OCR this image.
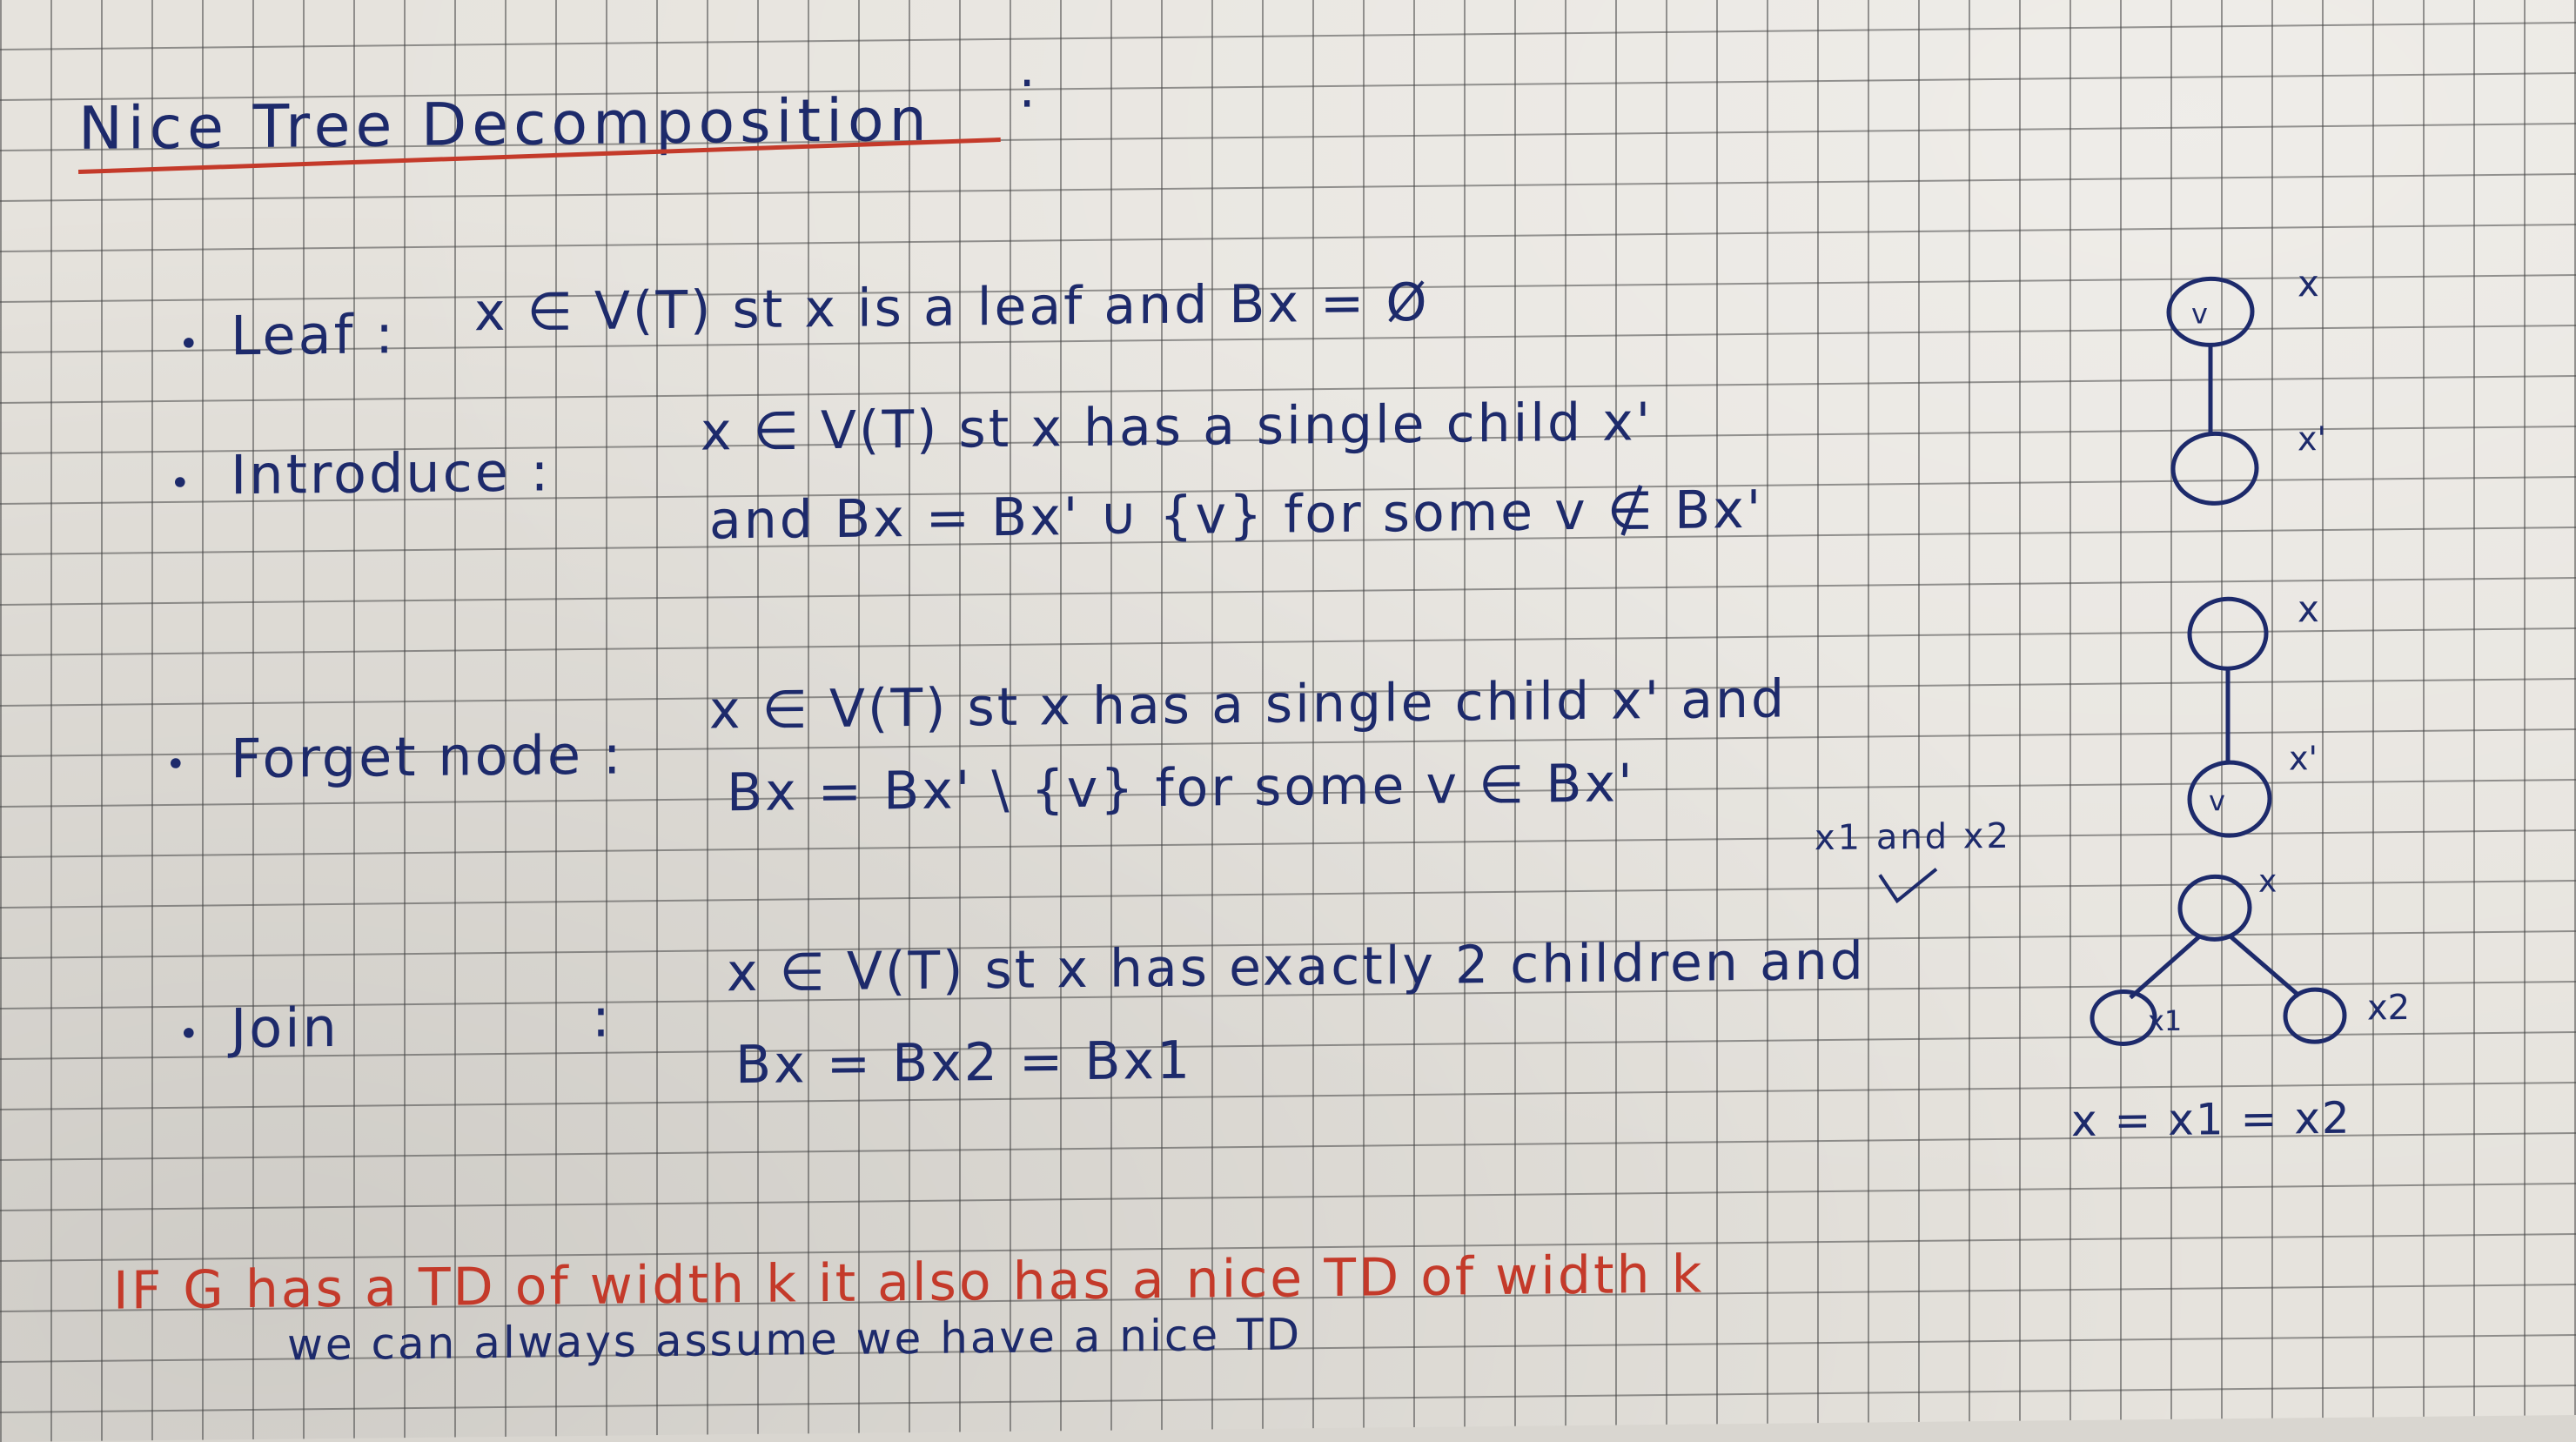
Nice Tree Decomposition :
• Leaf : x ∈ V(T) st x is a leaf and Bx = Ø
• Introduce :
x ∈ V(T) st x has a single child x'
and Bx = Bx' ∪ {v} for some v ∉ Bx'
• Forget node :
x ∈ V(T) st x has a single child x' and
Bx = Bx' \ {v} for some v ∈ Bx'
• Join	:
x1 and x2
x ∈ V(T) st x has exactly 2 children and
Bx = Bx2 = Bx1
IF G has a TD of width k it also has a nice TD of width k
we can always assume we have a nice TD
v
x
x'
v
x
x'
x
x1	x2
x = x1 = x2
